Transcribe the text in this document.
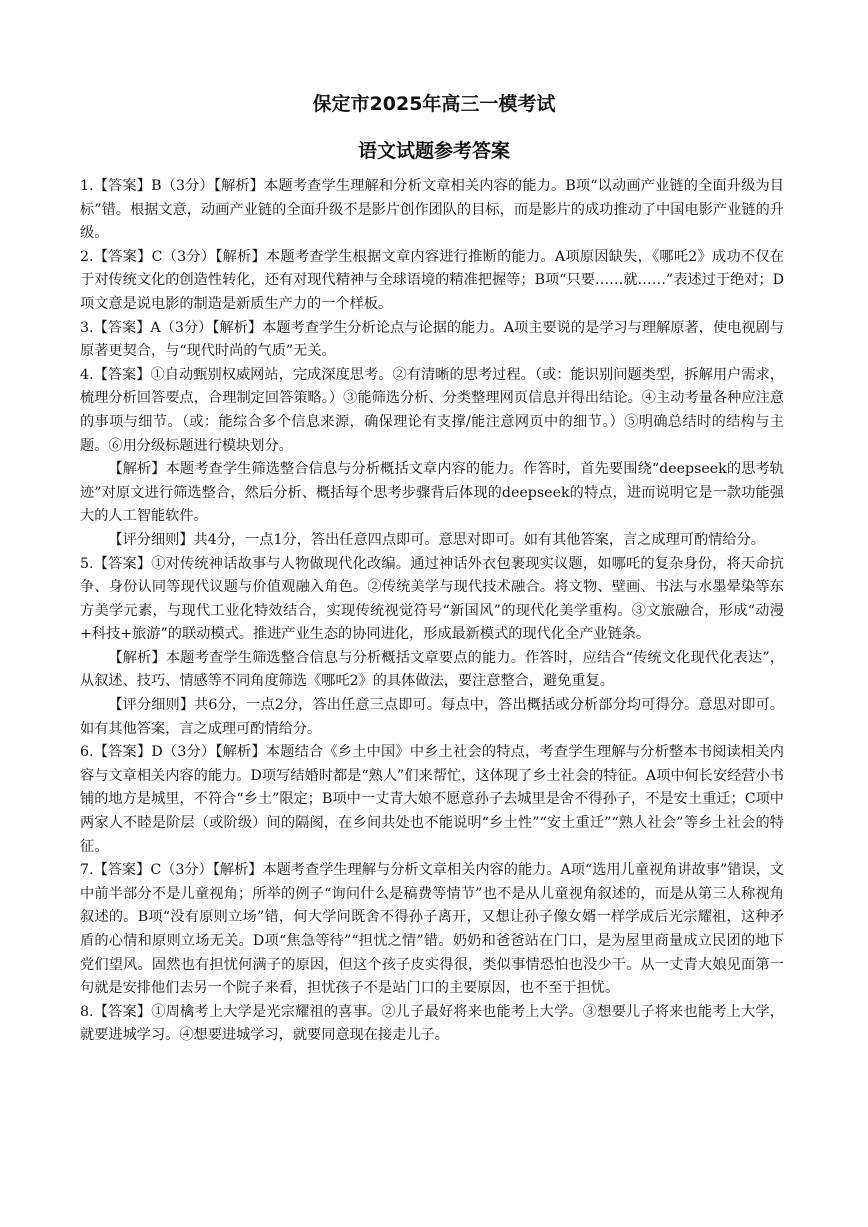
保定市2025年高三一模考试
语文试题参考答案

1.【答案】B（3分）【解析】本题考查学生理解和分析文章相关内容的能力。B项“以动画产业链的全面升级为目标”错。根据文意，动画产业链的全面升级不是影片创作团队的目标，而是影片的成功推动了中国电影产业链的升级。

2.【答案】C（3分）【解析】本题考查学生根据文章内容进行推断的能力。A项原因缺失，《哪吒2》成功不仅在于对传统文化的创造性转化，还有对现代精神与全球语境的精准把握等；B项“只要……就……”表述过于绝对；D项文意是说电影的制造是新质生产力的一个样板。

3.【答案】A（3分）【解析】本题考查学生分析论点与论据的能力。A项主要说的是学习与理解原著，使电视剧与原著更契合，与“现代时尚的气质”无关。

4.【答案】①自动甄别权威网站，完成深度思考。②有清晰的思考过程。（或：能识别问题类型，拆解用户需求，梳理分析回答要点，合理制定回答策略。）③能筛选分析、分类整理网页信息并得出结论。④主动考量各种应注意的事项与细节。（或：能综合多个信息来源，确保理论有支撑/能注意网页中的细节。）⑤明确总结时的结构与主题。⑥用分级标题进行模块划分。

【解析】本题考查学生筛选整合信息与分析概括文章内容的能力。作答时，首先要围绕“deepseek的思考轨迹”对原文进行筛选整合，然后分析、概括每个思考步骤背后体现的deepseek的特点，进而说明它是一款功能强大的人工智能软件。

【评分细则】共4分，一点1分，答出任意四点即可。意思对即可。如有其他答案，言之成理可酌情给分。

5.【答案】①对传统神话故事与人物做现代化改编。通过神话外衣包裹现实议题，如哪吒的复杂身份，将天命抗争、身份认同等现代议题与价值观融入角色。②传统美学与现代技术融合。将文物、壁画、书法与水墨晕染等东方美学元素，与现代工业化特效结合，实现传统视觉符号“新国风”的现代化美学重构。③文旅融合，形成“动漫+科技+旅游”的联动模式。推进产业生态的协同进化，形成最新模式的现代化全产业链条。

【解析】本题考查学生筛选整合信息与分析概括文章要点的能力。作答时，应结合“传统文化现代化表达”，从叙述、技巧、情感等不同角度筛选《哪吒2》的具体做法，要注意整合，避免重复。

【评分细则】共6分，一点2分，答出任意三点即可。每点中，答出概括或分析部分均可得分。意思对即可。如有其他答案，言之成理可酌情给分。

6.【答案】D（3分）【解析】本题结合《乡土中国》中乡土社会的特点，考查学生理解与分析整本书阅读相关内容与文章相关内容的能力。D项写结婚时都是“熟人”们来帮忙，这体现了乡土社会的特征。A项中何长安经营小书铺的地方是城里，不符合“乡土”限定；B项中一丈青大娘不愿意孙子去城里是舍不得孙子，不是安土重迁；C项中两家人不睦是阶层（或阶级）间的隔阂，在乡间共处也不能说明“乡土性”“安土重迁”“熟人社会”等乡土社会的特征。

7.【答案】C（3分）【解析】本题考查学生理解与分析文章相关内容的能力。A项“选用儿童视角讲故事”错误，文中前半部分不是儿童视角；所举的例子“询问什么是稿费等情节”也不是从儿童视角叙述的，而是从第三人称视角叙述的。B项“没有原则立场”错，何大学问既舍不得孙子离开，又想让孙子像女婿一样学成后光宗耀祖，这种矛盾的心情和原则立场无关。D项“焦急等待”“担忧之情”错。奶奶和爸爸站在门口，是为屋里商量成立民团的地下党们望风。固然也有担忧何满子的原因，但这个孩子皮实得很，类似事情恐怕也没少干。从一丈青大娘见面第一句就是安排他们去另一个院子来看，担忧孩子不是站门口的主要原因，也不至于担忧。

8.【答案】①周檎考上大学是光宗耀祖的喜事。②儿子最好将来也能考上大学。③想要儿子将来也能考上大学，就要进城学习。④想要进城学习，就要同意现在接走儿子。
